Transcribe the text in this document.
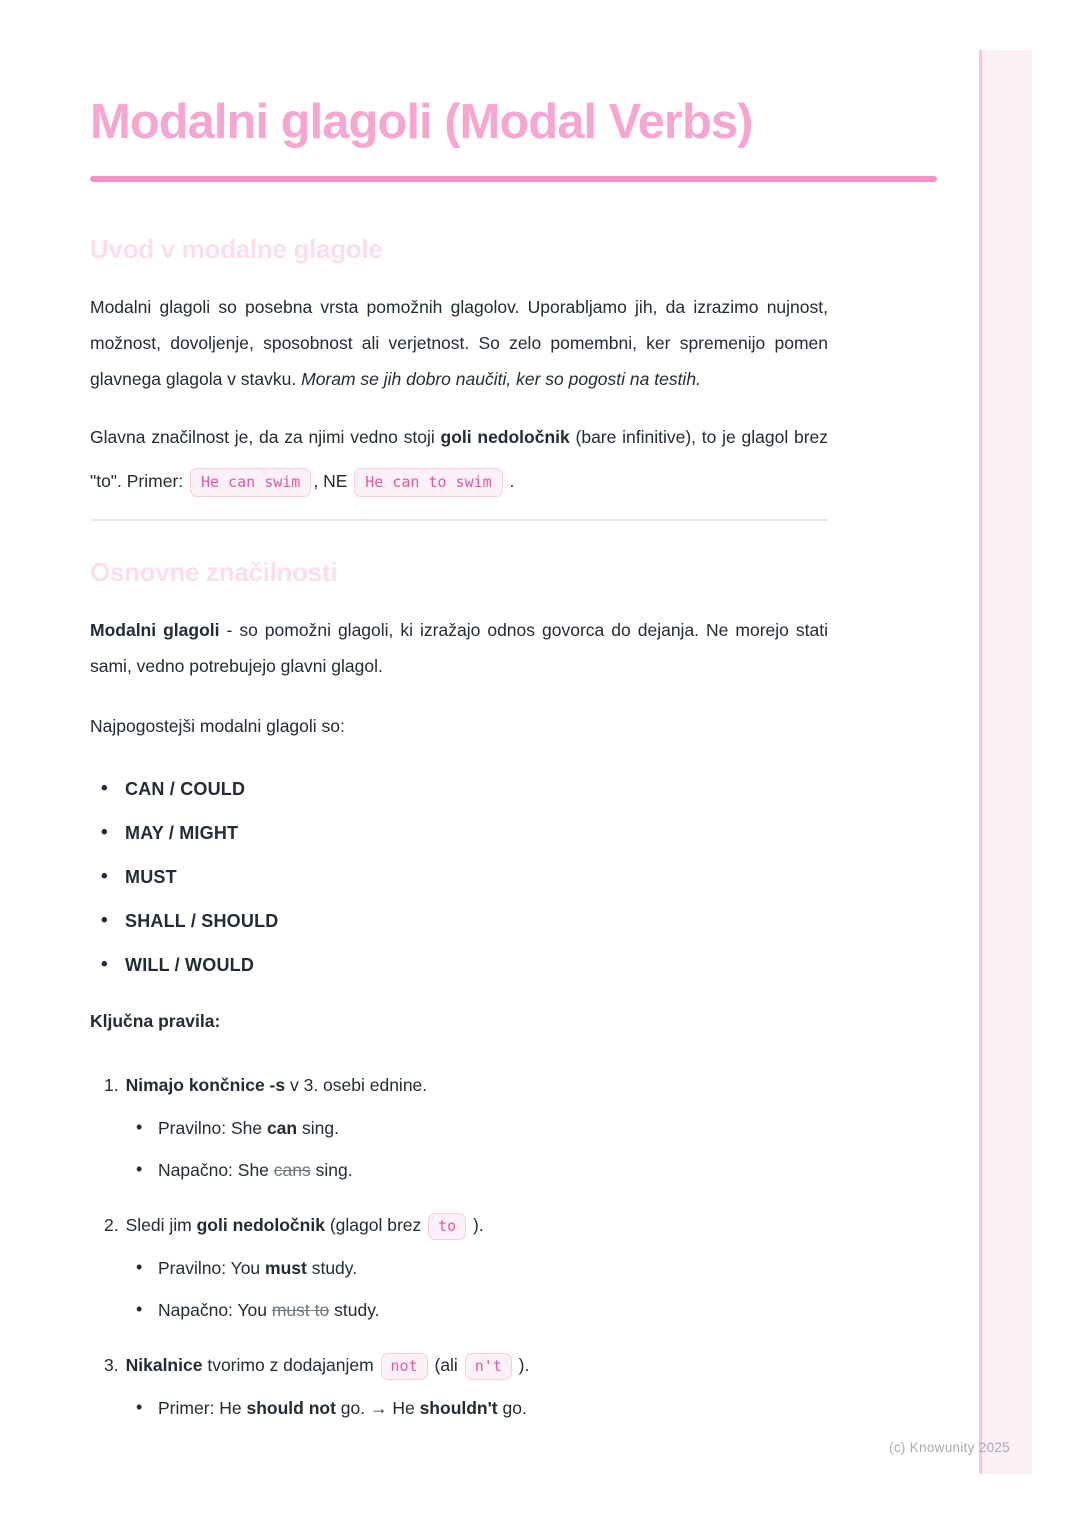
Modalni glagoli (Modal Verbs)
Uvod v modalne glagole

Modalni glagoli so posebna vrsta pomožnih glagolov. Uporabljamo jih, da izrazimo nujnost, možnost, dovoljenje, sposobnost ali verjetnost. So zelo pomembni, ker spremenijo pomen glavnega glagola v stavku. Moram se jih dobro naučiti, ker so pogosti na testih.

Glavna značilnost je, da za njimi vedno stoji goli nedoločnik (bare infinitive), to je glagol brez "to". Primer: He can swim , NE He can to swim .

Osnovne značilnosti

Modalni glagoli - so pomožni glagoli, ki izražajo odnos govorca do dejanja. Ne morejo stati sami, vedno potrebujejo glavni glagol.

Najpogostejši modalni glagoli so:

• CAN / COULD
• MAY / MIGHT
• MUST
• SHALL / SHOULD
• WILL / WOULD

Ključna pravila:

1. Nimajo končnice -s v 3. osebi ednine.
• Pravilno: She can sing.
• Napačno: She cans sing.
2. Sledi jim goli nedoločnik (glagol brez to ).
• Pravilno: You must study.
• Napačno: You must to study.
3. Nikalnice tvorimo z dodajanjem not (ali n't ).
• Primer: He should not go. → He shouldn't go.
(c) Knowunity 2025
